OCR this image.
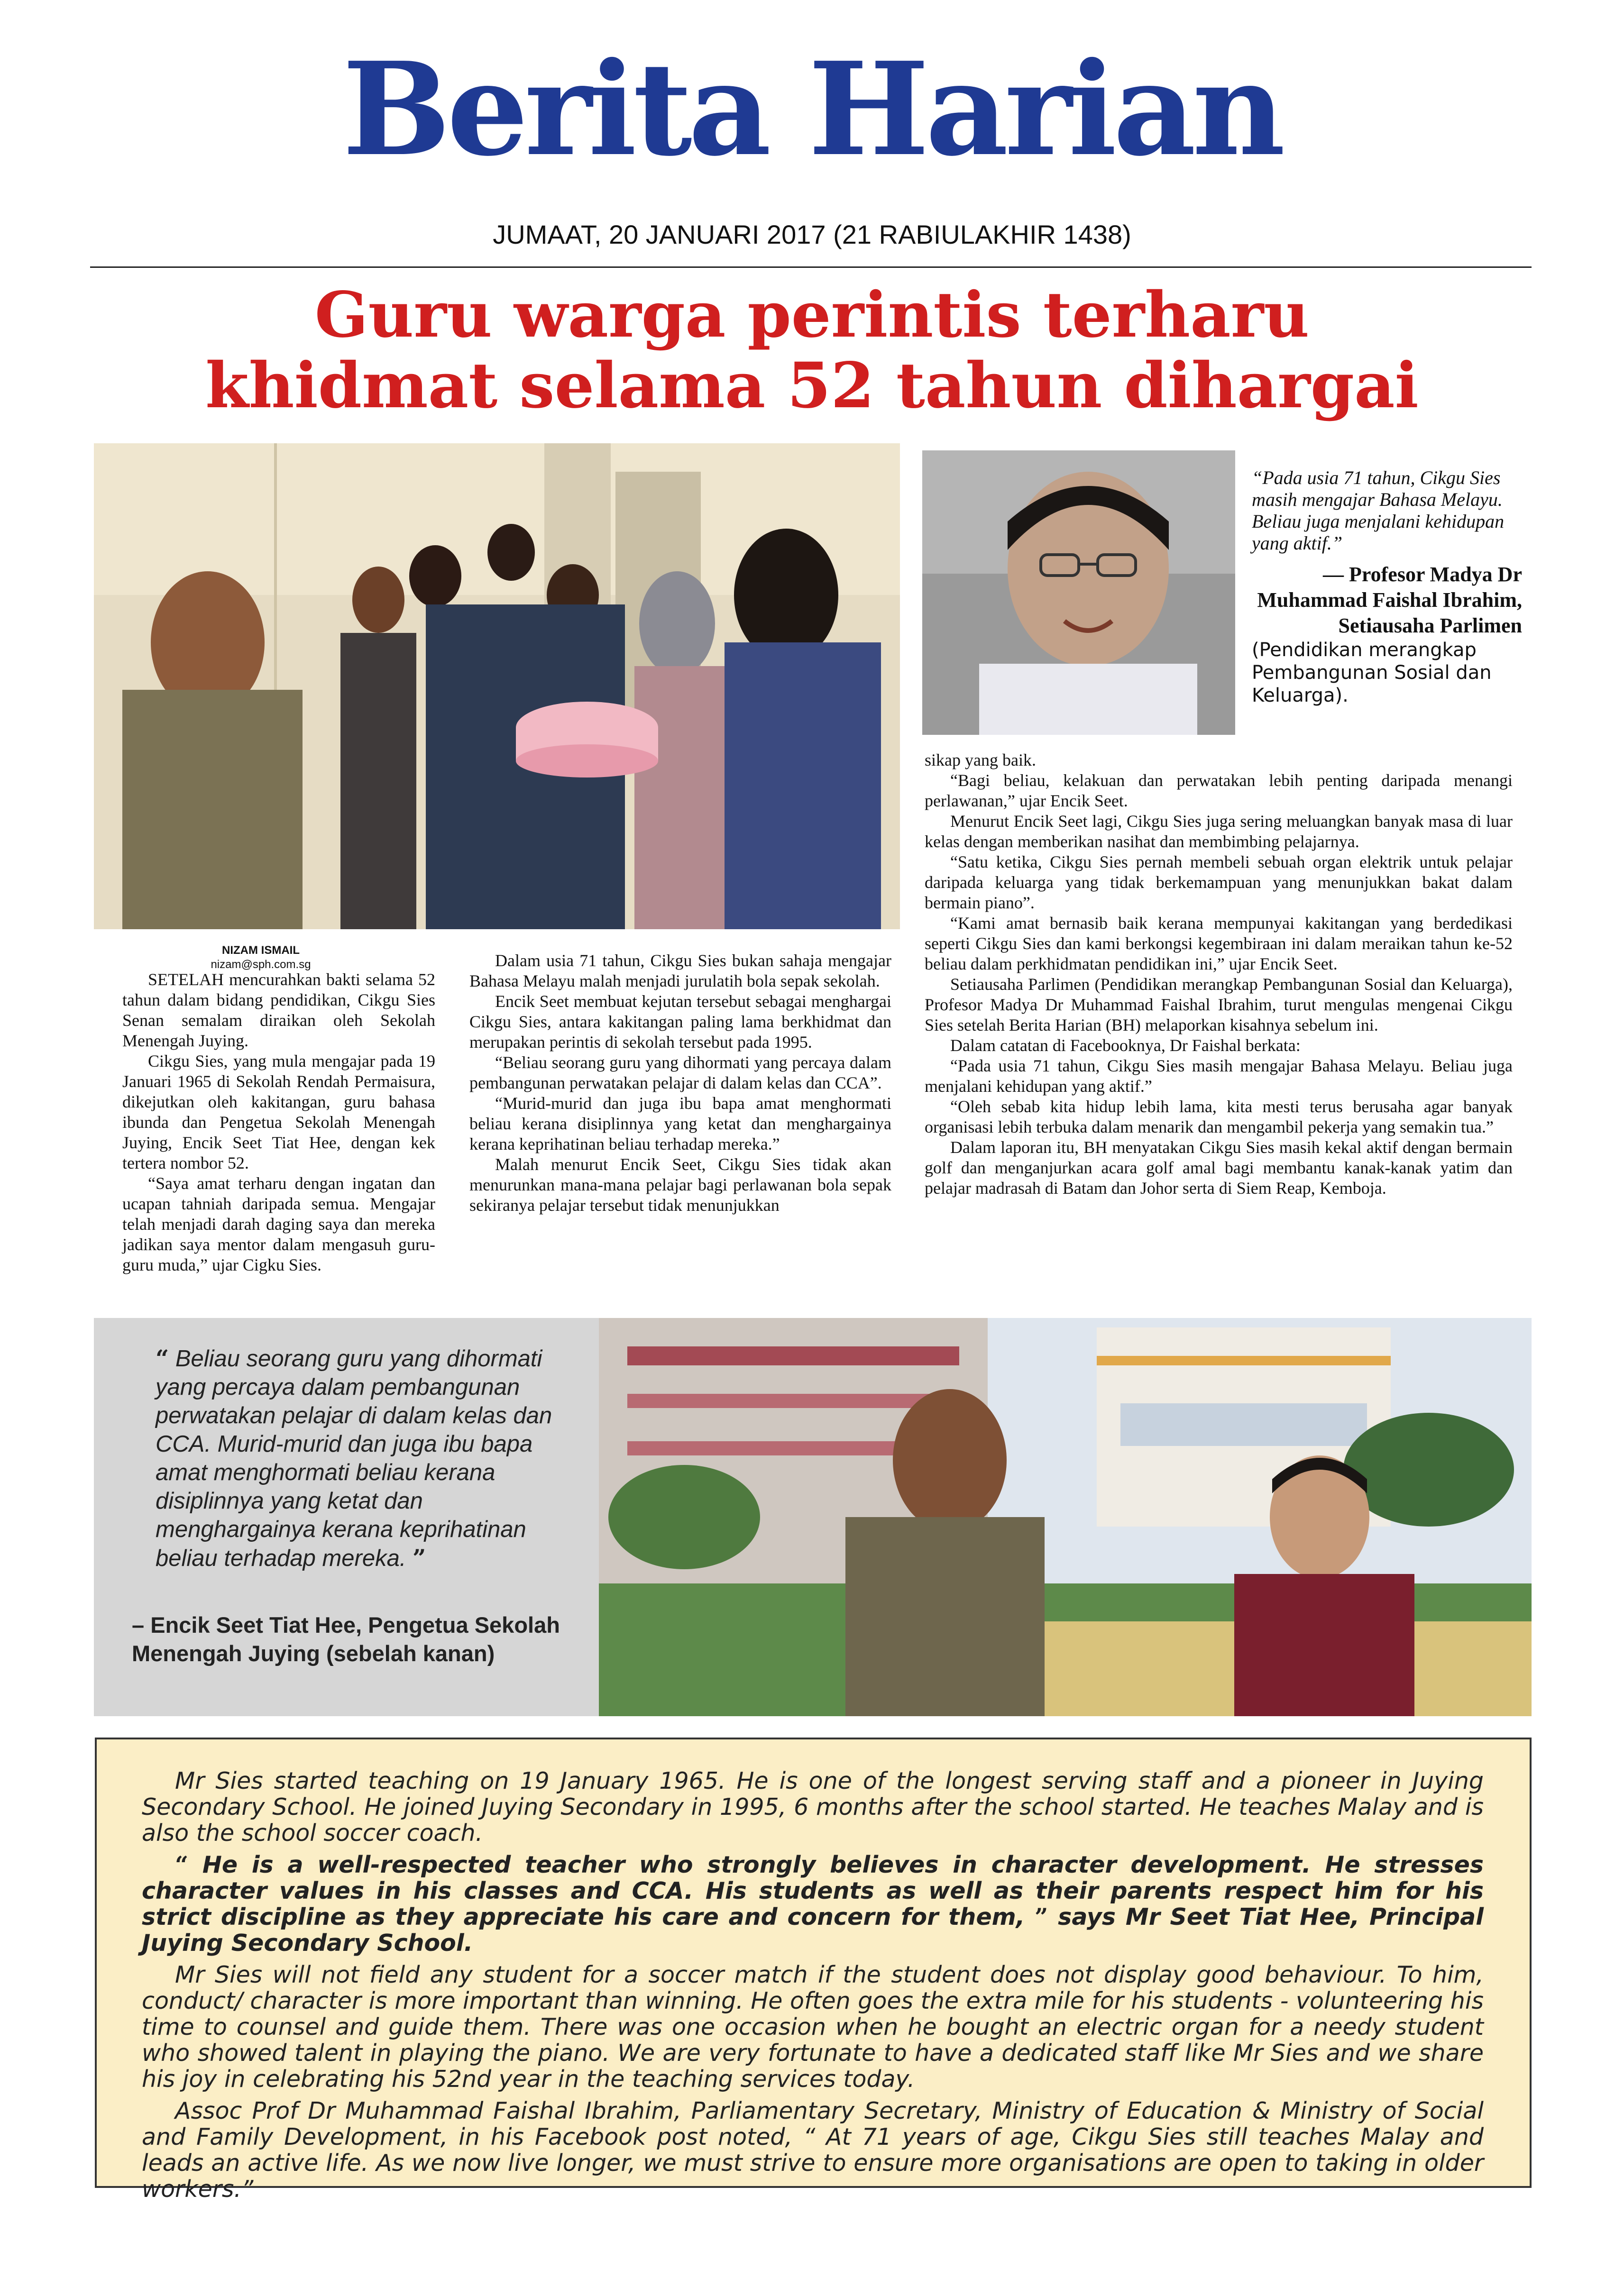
Berita Harian
JUMAAT, 20 JANUARI 2017 (21 RABIULAKHIR 1438)
Guru warga perintis terharu
khidmat selama 52 tahun dihargai
NIZAM ISMAIL
nizam@sph.com.sg
“Pada usia 71 tahun, Cikgu Sies masih mengajar Bahasa Melayu. Beliau juga menjalani kehidupan yang aktif.”
— Profesor Madya Dr Muhammad Faishal Ibrahim, Setiausaha Parlimen
(Pendidikan merangkap Pembangunan Sosial dan Keluarga).

SETELAH mencurahkan bakti selama 52 tahun dalam bidang pendidikan, Cikgu Sies Senan semalam diraikan oleh Sekolah Menengah Juying.

Cikgu Sies, yang mula mengajar pada 19 Januari 1965 di Sekolah Rendah Permaisura, dikejutkan oleh kakitangan, guru bahasa ibunda dan Pengetua Sekolah Menengah Juying, Encik Seet Tiat Hee, dengan kek tertera nombor 52.

“Saya amat terharu dengan ingatan dan ucapan tahniah daripada semua. Mengajar telah menjadi darah daging saya dan mereka jadikan saya mentor dalam mengasuh guru-guru muda,” ujar Cigku Sies.

Dalam usia 71 tahun, Cikgu Sies bukan sahaja mengajar Bahasa Melayu malah menjadi jurulatih bola sepak sekolah.

Encik Seet membuat kejutan tersebut sebagai menghargai Cikgu Sies, antara kakitangan paling lama berkhidmat dan merupakan perintis di sekolah tersebut pada 1995.

“Beliau seorang guru yang dihormati yang percaya dalam pembangunan perwatakan pelajar di dalam kelas dan CCA”.

“Murid-murid dan juga ibu bapa amat menghormati beliau kerana disiplinnya yang ketat dan menghargainya kerana keprihatinan beliau terhadap mereka.”

Malah menurut Encik Seet, Cikgu Sies tidak akan menurunkan mana-mana pelajar bagi perlawanan bola sepak sekiranya pelajar tersebut tidak menunjukkan

sikap yang baik.

“Bagi beliau, kelakuan dan perwatakan lebih penting daripada menangi perlawanan,” ujar Encik Seet.

Menurut Encik Seet lagi, Cikgu Sies juga sering meluangkan banyak masa di luar kelas dengan memberikan nasihat dan membimbing pelajarnya.

“Satu ketika, Cikgu Sies pernah membeli sebuah organ elektrik untuk pelajar daripada keluarga yang tidak berkemampuan yang menunjukkan bakat dalam bermain piano”.

“Kami amat bernasib baik kerana mempunyai kakitangan yang berdedikasi seperti Cikgu Sies dan kami berkongsi kegembiraan ini dalam meraikan tahun ke-52 beliau dalam perkhidmatan pendidikan ini,” ujar Encik Seet.

Setiausaha Parlimen (Pendidikan merangkap Pembangunan Sosial dan Keluarga), Profesor Madya Dr Muhammad Faishal Ibrahim, turut mengulas mengenai Cikgu Sies setelah Berita Harian (BH) melaporkan kisahnya sebelum ini.

Dalam catatan di Facebooknya, Dr Faishal berkata:

“Pada usia 71 tahun, Cikgu Sies masih mengajar Bahasa Melayu. Beliau juga menjalani kehidupan yang aktif.”

“Oleh sebab kita hidup lebih lama, kita mesti terus berusaha agar banyak organisasi lebih terbuka dalam menarik dan mengambil pekerja yang semakin tua.”

Dalam laporan itu, BH menyatakan Cikgu Sies masih kekal aktif dengan bermain golf dan menganjurkan acara golf amal bagi membantu kanak-kanak yatim dan pelajar madrasah di Batam dan Johor serta di Siem Reap, Kemboja.

“ Beliau seorang guru yang dihormati yang percaya dalam pembangunan perwatakan pelajar di dalam kelas dan CCA. Murid-murid dan juga ibu bapa amat menghormati beliau kerana disiplinnya yang ketat dan menghargainya kerana keprihatinan beliau terhadap mereka. ”
– Encik Seet Tiat Hee, Pengetua Sekolah Menengah Juying (sebelah kanan)

Mr Sies started teaching on 19 January 1965. He is one of the longest serving staff and a pioneer in Juying Secondary School. He joined Juying Secondary in 1995, 6 months after the school started. He teaches Malay and is also the school soccer coach.

“ He is a well-respected teacher who strongly believes in character development. He stresses character values in his classes and CCA. His students as well as their parents respect him for his strict discipline as they appreciate his care and concern for them, ” says Mr Seet Tiat Hee, Principal Juying Secondary School.

Mr Sies will not field any student for a soccer match if the student does not display good behaviour. To him, conduct/ character is more important than winning. He often goes the extra mile for his students - volunteering his time to counsel and guide them. There was one occasion when he bought an electric organ for a needy student who showed talent in playing the piano. We are very fortunate to have a dedicated staff like Mr Sies and we share his joy in celebrating his 52nd year in the teaching services today.

Assoc Prof Dr Muhammad Faishal Ibrahim, Parliamentary Secretary, Ministry of Education & Ministry of Social and Family Development, in his Facebook post noted, “ At 71 years of age, Cikgu Sies still teaches Malay and leads an active life. As we now live longer, we must strive to ensure more organisations are open to taking in older workers.”
